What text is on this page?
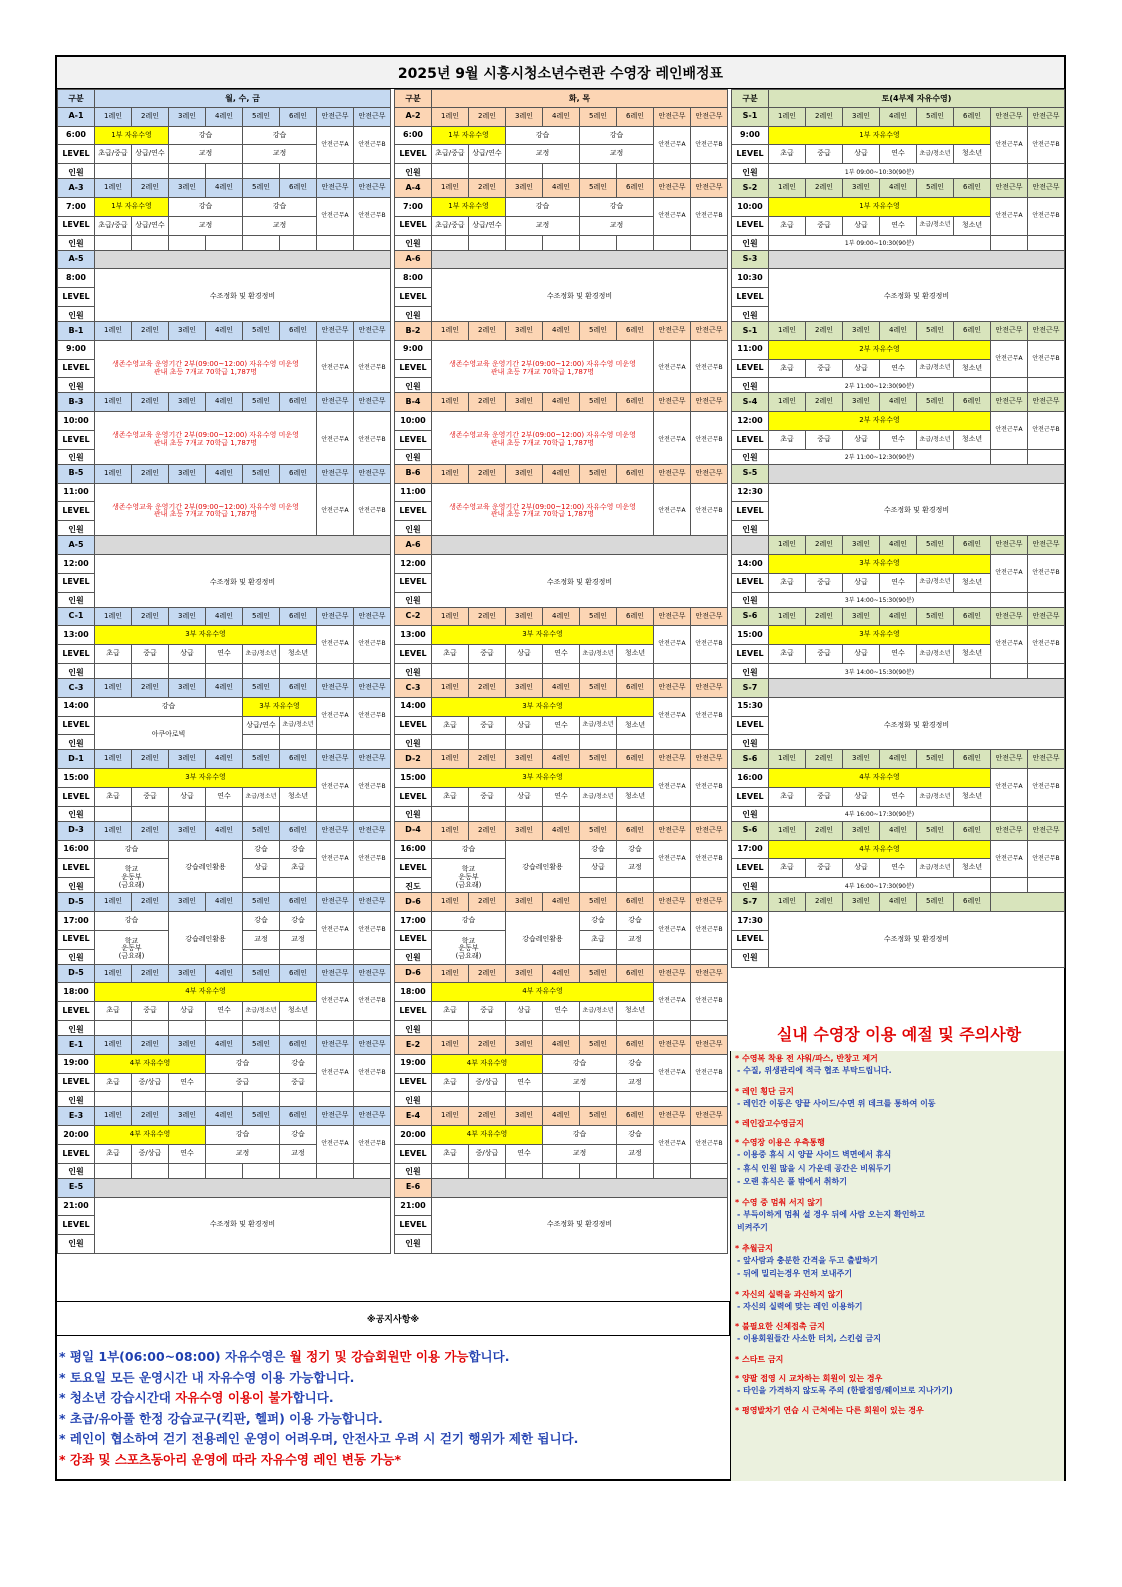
2025년 9월 시흥시청소년수련관 수영장 레인배정표
구분	월, 수, 금
A-1	1레인	2레인	3레인	4레인	5레인	6레인	안전근무	안전근무
6:00	1부 자유수영		강습		강습		안전근무A	안전근무B
LEVEL	초급/중급	상급/연수	교정		교정			
인원								
A-3	1레인	2레인	3레인	4레인	5레인	6레인	안전근무	안전근무
7:00	1부 자유수영		강습		강습		안전근무A	안전근무B
LEVEL	초급/중급	상급/연수	교정		교정			
인원								
A-5	
8:00	수조정화 및 환경정비
LEVEL	
인원	
B-1	1레인	2레인	3레인	4레인	5레인	6레인	안전근무	안전근무
9:00	생존수영교육 운영기간 2부(09:00~12:00) 자유수영 미운영
관내 초등 7개교 70학급 1,787명						안전근무A	안전근무B
LEVEL								
인원								
B-3	1레인	2레인	3레인	4레인	5레인	6레인	안전근무	안전근무
10:00	생존수영교육 운영기간 2부(09:00~12:00) 자유수영 미운영
관내 초등 7개교 70학급 1,787명						안전근무A	안전근무B
LEVEL								
인원								
B-5	1레인	2레인	3레인	4레인	5레인	6레인	안전근무	안전근무
11:00	생존수영교육 운영기간 2부(09:00~12:00) 자유수영 미운영
관내 초등 7개교 70학급 1,787명						안전근무A	안전근무B
LEVEL								
인원								
A-5	
12:00	수조정화 및 환경정비
LEVEL	
인원	
C-1	1레인	2레인	3레인	4레인	5레인	6레인	안전근무	안전근무
13:00	3부 자유수영						안전근무A	안전근무B
LEVEL	초급	중급	상급	연수	초급/청소년	청소년		
인원								
C-3	1레인	2레인	3레인	4레인	5레인	6레인	안전근무	안전근무
14:00	강습				3부 자유수영		안전근무A	안전근무B
LEVEL	아쿠아로빅				상급/연수	초급/청소년		
인원								
D-1	1레인	2레인	3레인	4레인	5레인	6레인	안전근무	안전근무
15:00	3부 자유수영						안전근무A	안전근무B
LEVEL	초급	중급	상급	연수	초급/청소년	청소년		
인원								
D-3	1레인	2레인	3레인	4레인	5레인	6레인	안전근무	안전근무
16:00	강습		강습레인활용		강습	강습	안전근무A	안전근무B
LEVEL	학교
운동부
(금요래)				상급	초급		
인원								
D-5	1레인	2레인	3레인	4레인	5레인	6레인	안전근무	안전근무
17:00	강습		강습레인활용		강습	강습	안전근무A	안전근무B
LEVEL	학교
운동부
(금요래)				교정	교정		
인원								
D-5	1레인	2레인	3레인	4레인	5레인	6레인	안전근무	안전근무
18:00	4부 자유수영						안전근무A	안전근무B
LEVEL	초급	중급	상급	연수	초급/청소년	청소년		
인원								
E-1	1레인	2레인	3레인	4레인	5레인	6레인	안전근무	안전근무
19:00	4부 자유수영			강습		강습	안전근무A	안전근무B
LEVEL	초급	중/상급	연수	중급		중급		
인원								
E-3	1레인	2레인	3레인	4레인	5레인	6레인	안전근무	안전근무
20:00	4부 자유수영			강습		강습	안전근무A	안전근무B
LEVEL	초급	중/상급	연수	교정		교정		
인원								
E-5	
21:00	수조정화 및 환경정비
LEVEL	
인원	
구분	화, 목
A-2	1레인	2레인	3레인	4레인	5레인	6레인	안전근무	안전근무
6:00	1부 자유수영		강습		강습		안전근무A	안전근무B
LEVEL	초급/중급	상급/연수	교정		교정			
인원								
A-4	1레인	2레인	3레인	4레인	5레인	6레인	안전근무	안전근무
7:00	1부 자유수영		강습		강습		안전근무A	안전근무B
LEVEL	초급/중급	상급/연수	교정		교정			
인원								
A-6	
8:00	수조정화 및 환경정비
LEVEL	
인원	
B-2	1레인	2레인	3레인	4레인	5레인	6레인	안전근무	안전근무
9:00	생존수영교육 운영기간 2부(09:00~12:00) 자유수영 미운영
관내 초등 7개교 70학급 1,787명						안전근무A	안전근무B
LEVEL								
인원								
B-4	1레인	2레인	3레인	4레인	5레인	6레인	안전근무	안전근무
10:00	생존수영교육 운영기간 2부(09:00~12:00) 자유수영 미운영
관내 초등 7개교 70학급 1,787명						안전근무A	안전근무B
LEVEL								
인원								
B-6	1레인	2레인	3레인	4레인	5레인	6레인	안전근무	안전근무
11:00	생존수영교육 운영기간 2부(09:00~12:00) 자유수영 미운영
관내 초등 7개교 70학급 1,787명						안전근무A	안전근무B
LEVEL								
인원								
A-6	
12:00	수조정화 및 환경정비
LEVEL	
인원	
C-2	1레인	2레인	3레인	4레인	5레인	6레인	안전근무	안전근무
13:00	3부 자유수영						안전근무A	안전근무B
LEVEL	초급	중급	상급	연수	초급/청소년	청소년		
인원								
C-3	1레인	2레인	3레인	4레인	5레인	6레인	안전근무	안전근무
14:00	3부 자유수영						안전근무A	안전근무B
LEVEL	초급	중급	상급	연수	초급/청소년	청소년		
인원								
D-2	1레인	2레인	3레인	4레인	5레인	6레인	안전근무	안전근무
15:00	3부 자유수영						안전근무A	안전근무B
LEVEL	초급	중급	상급	연수	초급/청소년	청소년		
인원								
D-4	1레인	2레인	3레인	4레인	5레인	6레인	안전근무	안전근무
16:00	강습		강습레인활용		강습	강습	안전근무A	안전근무B
LEVEL	학교
운동부
(금요래)				상급	교정		
진도								
D-6	1레인	2레인	3레인	4레인	5레인	6레인	안전근무	안전근무
17:00	강습		강습레인활용		강습	강습	안전근무A	안전근무B
LEVEL	학교
운동부
(금요래)				초급	교정		
인원								
D-6	1레인	2레인	3레인	4레인	5레인	6레인	안전근무	안전근무
18:00	4부 자유수영						안전근무A	안전근무B
LEVEL	초급	중급	상급	연수	초급/청소년	청소년		
인원								
E-2	1레인	2레인	3레인	4레인	5레인	6레인	안전근무	안전근무
19:00	4부 자유수영			강습		강습	안전근무A	안전근무B
LEVEL	초급	중/상급	연수	교정		교정		
인원								
E-4	1레인	2레인	3레인	4레인	5레인	6레인	안전근무	안전근무
20:00	4부 자유수영			강습		강습	안전근무A	안전근무B
LEVEL	초급	중/상급	연수	교정		교정		
인원								
E-6	
21:00	수조정화 및 환경정비
LEVEL	
인원	
구분	토(4부제 자유수영)
S-1	1레인	2레인	3레인	4레인	5레인	6레인	안전근무	안전근무
9:00	1부 자유수영						안전근무A	안전근무B
LEVEL	초급	중급	상급	연수	초급/청소년	청소년		
인원	1부 09:00~10:30(90분)							
S-2	1레인	2레인	3레인	4레인	5레인	6레인	안전근무	안전근무
10:00	1부 자유수영						안전근무A	안전근무B
LEVEL	초급	중급	상급	연수	초급/청소년	청소년		
인원	1부 09:00~10:30(90분)							
S-3	
10:30	수조정화 및 환경정비
LEVEL	
인원	
S-1	1레인	2레인	3레인	4레인	5레인	6레인	안전근무	안전근무
11:00	2부 자유수영						안전근무A	안전근무B
LEVEL	초급	중급	상급	연수	초급/청소년	청소년		
인원	2부 11:00~12:30(90분)							
S-4	1레인	2레인	3레인	4레인	5레인	6레인	안전근무	안전근무
12:00	2부 자유수영						안전근무A	안전근무B
LEVEL	초급	중급	상급	연수	초급/청소년	청소년		
인원	2부 11:00~12:30(90분)							
S-5	
12:30	수조정화 및 환경정비
LEVEL	
인원	
	1레인	2레인	3레인	4레인	5레인	6레인	안전근무	안전근무
14:00	3부 자유수영						안전근무A	안전근무B
LEVEL	초급	중급	상급	연수	초급/청소년	청소년		
인원	3부 14:00~15:30(90분)							
S-6	1레인	2레인	3레인	4레인	5레인	6레인	안전근무	안전근무
15:00	3부 자유수영						안전근무A	안전근무B
LEVEL	초급	중급	상급	연수	초급/청소년	청소년		
인원	3부 14:00~15:30(90분)							
S-7	
15:30	수조정화 및 환경정비
LEVEL	
인원	
S-6	1레인	2레인	3레인	4레인	5레인	6레인	안전근무	안전근무
16:00	4부 자유수영						안전근무A	안전근무B
LEVEL	초급	중급	상급	연수	초급/청소년	청소년		
인원	4부 16:00~17:30(90분)							
S-6	1레인	2레인	3레인	4레인	5레인	6레인	안전근무	안전근무
17:00	4부 자유수영						안전근무A	안전근무B
LEVEL	초급	중급	상급	연수	초급/청소년	청소년		
인원	4부 16:00~17:30(90분)							
S-7	1레인	2레인	3레인	4레인	5레인	6레인	
17:30	수조정화 및 환경정비						
LEVEL							
인원							
※공지사항※
* 평일 1부(06:00~08:00) 자유수영은 월 정기 및 강습회원만 이용 가능합니다.
* 토요일 모든 운영시간 내 자유수영 이용 가능합니다.
* 청소년 강습시간대 자유수영 이용이 불가합니다.
* 초급/유아풀 한정 강습교구(킥판, 헬퍼) 이용 가능합니다.
* 레인이 협소하여 걷기 전용레인 운영이 어려우며, 안전사고 우려 시 걷기 행위가 제한 됩니다.
* 강좌 및 스포츠동아리 운영에 따라 자유수영 레인 변동 가능*
실내 수영장 이용 예절 및 주의사항
* 수영복 착용 전 샤워/파스, 반창고 제거
- 수질, 위생관리에 적극 협조 부탁드립니다.
* 레인 횡단 금지
- 레인간 이동은 양끝 사이드/수면 위 데크를 통하여 이동
* 레인잡고수영금지
* 수영장 이용은 우측통행
- 이용중 휴식 시 양끝 사이드 벽면에서 휴식
- 휴식 인원 많을 시 가운데 공간은 비워두기
- 오랜 휴식은 풀 밖에서 취하기
* 수영 중 멈춰 서지 않기
- 부득이하게 멈춰 설 경우 뒤에 사람 오는지 확인하고
비켜주기
* 추월금지
- 앞사람과 충분한 간격을 두고 출발하기
- 뒤에 밀리는경우 먼저 보내주기
* 자신의 실력을 과신하지 않기
- 자신의 실력에 맞는 레인 이용하기
* 불필요한 신체접촉 금지
- 이용회원들간 사소한 터치, 스킨쉽 금지
* 스타트 금지
* 양팔 접영 시 교차하는 회원이 있는 경우
- 타인을 가격하지 않도록 주의 (한팔접영/웨이브로 지나가기)
* 평영발차기 연습 시 근처에는 다른 회원이 있는 경우
